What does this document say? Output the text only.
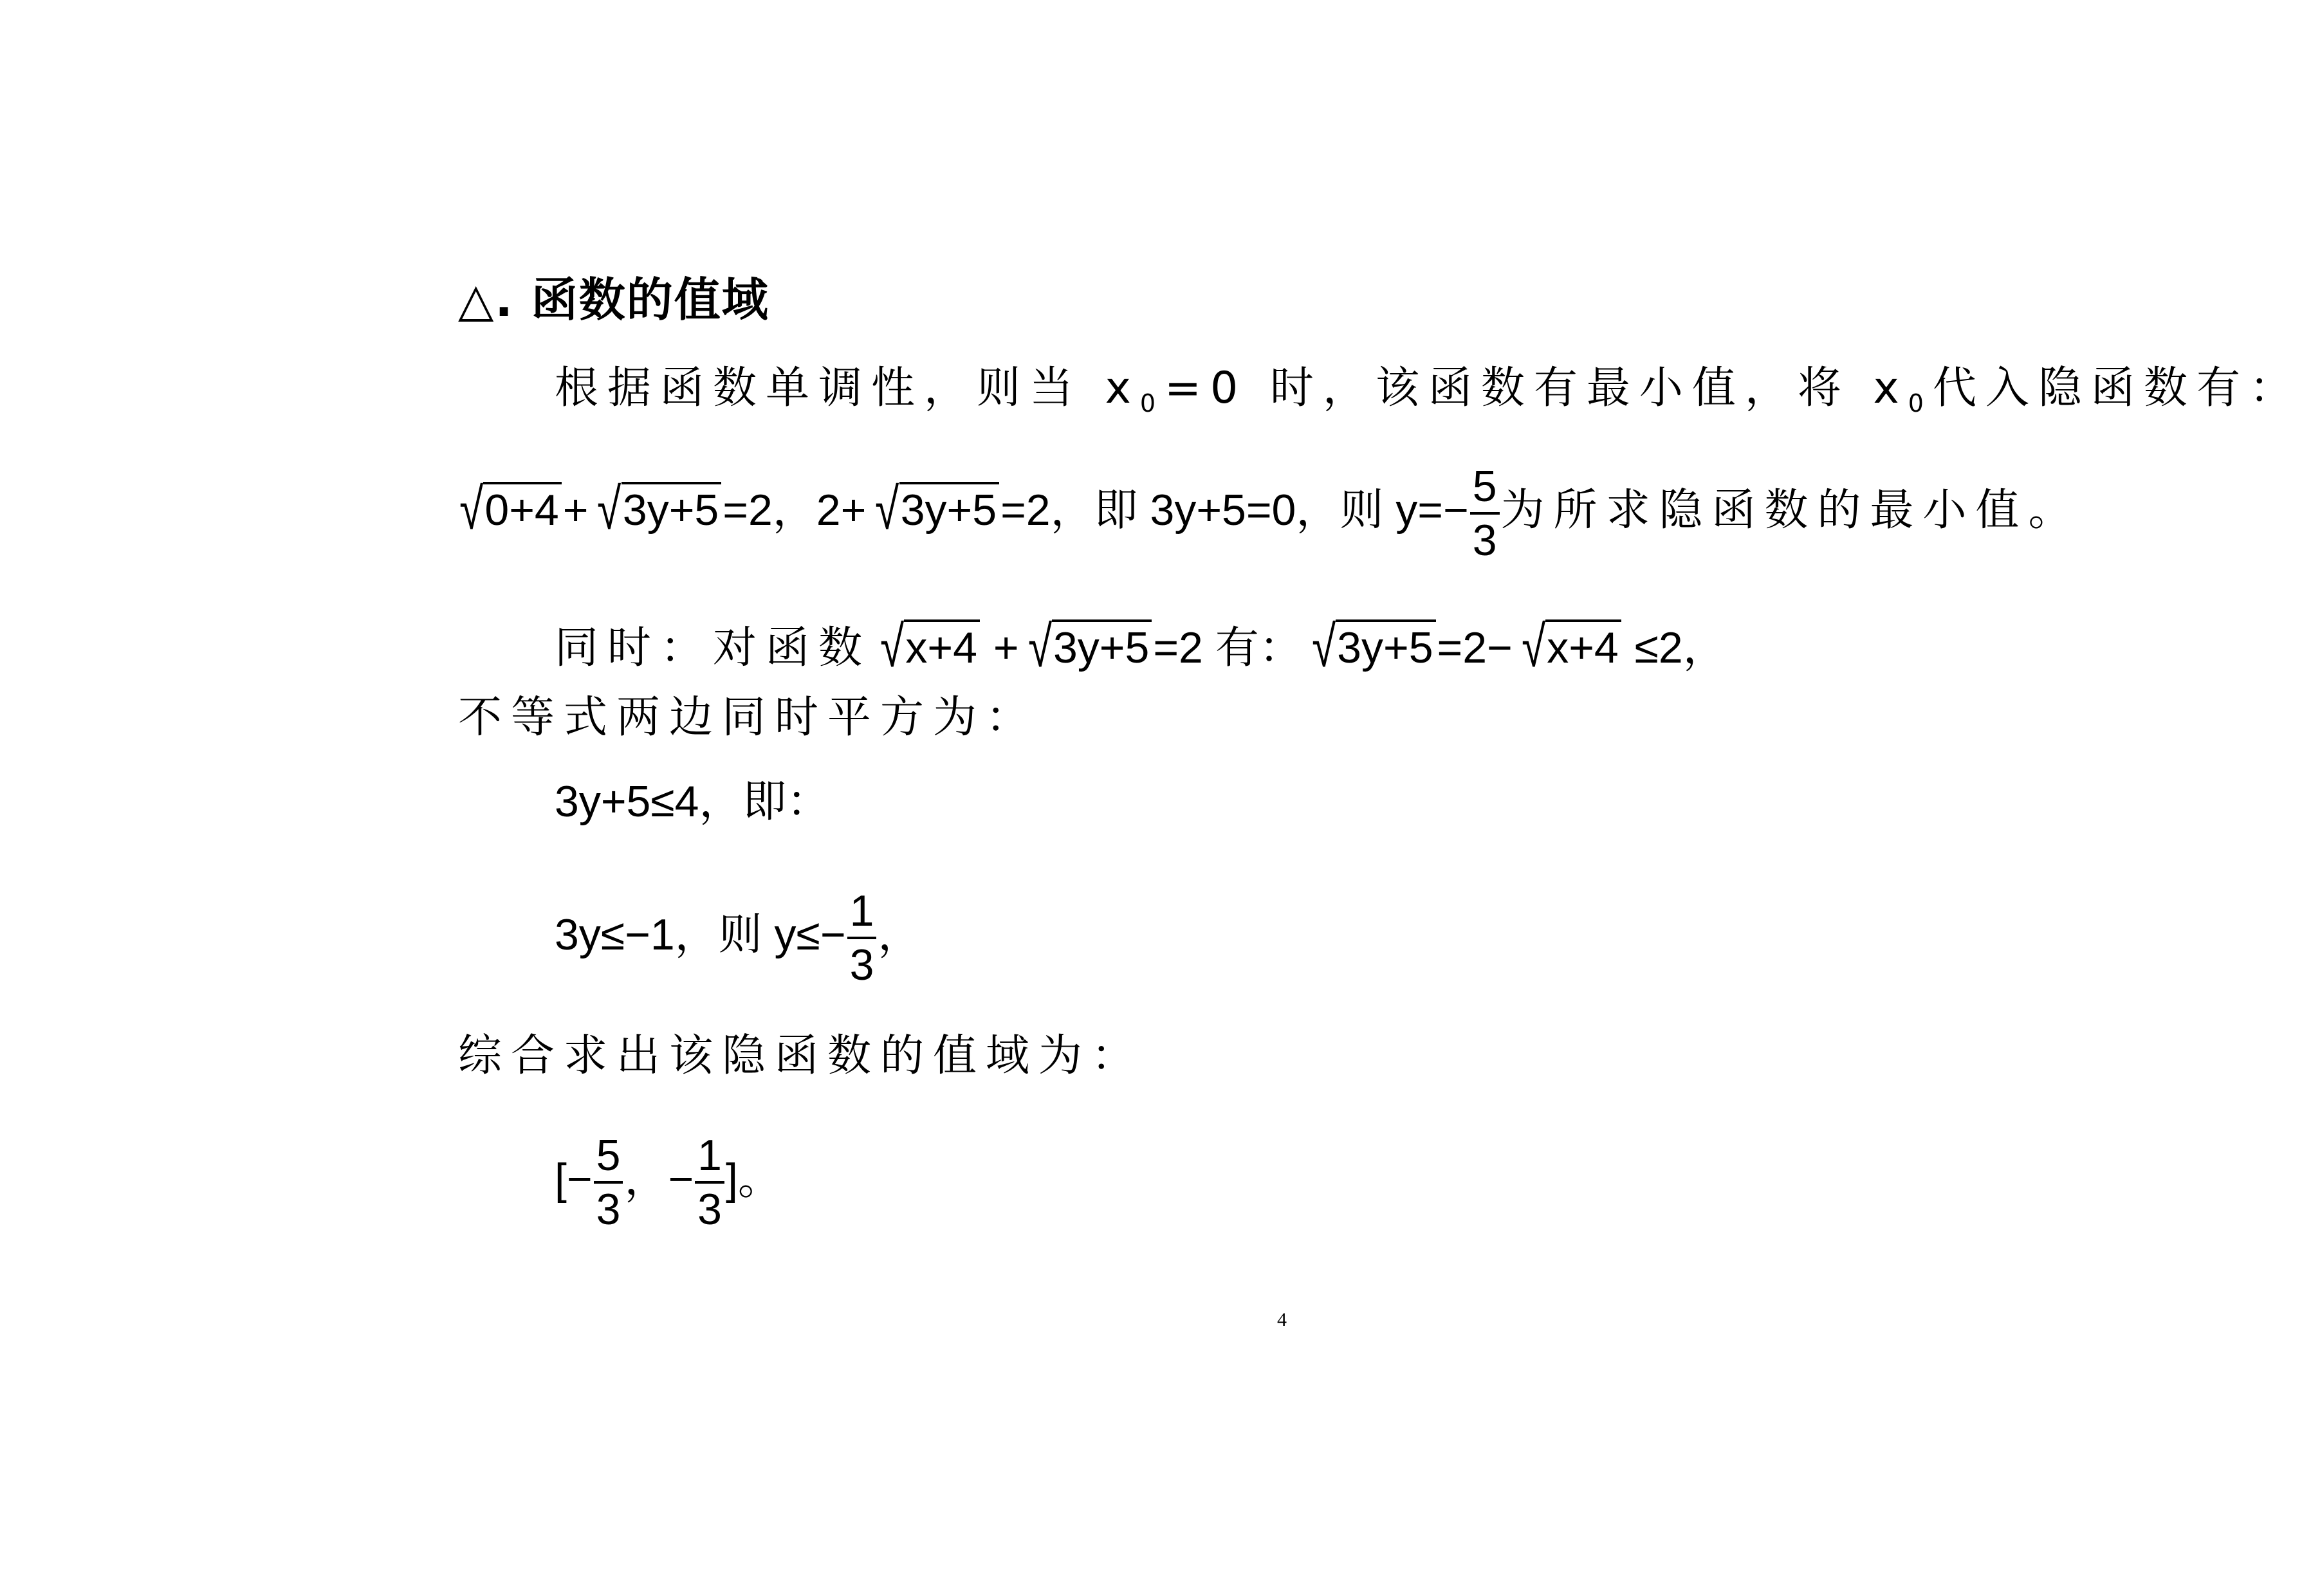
△. 函数的值域
根据函数单调性，则当 $x_0=0$ 时，该函数有最小值，将 $x_0$代入隐函数有：
√0+4+ √3y+5=2，2+ √3y+5=2，即 3y+5=0，则 $y=- \frac{5}{3}$ 为所求隐函数的最小值。
同时：对函数 √x+4 + √3y+5=2 有： √3y+5=2− √x+4 ≤2，
不等式两边同时平方为：
3y+5≤4，即：
3y≤−1，则 $y\le- \frac{1}{3}$ ，
综合求出该隐函数的值域为：
[− $\frac{5}{3}$ ，− $\frac{1}{3}$ ]。
4
